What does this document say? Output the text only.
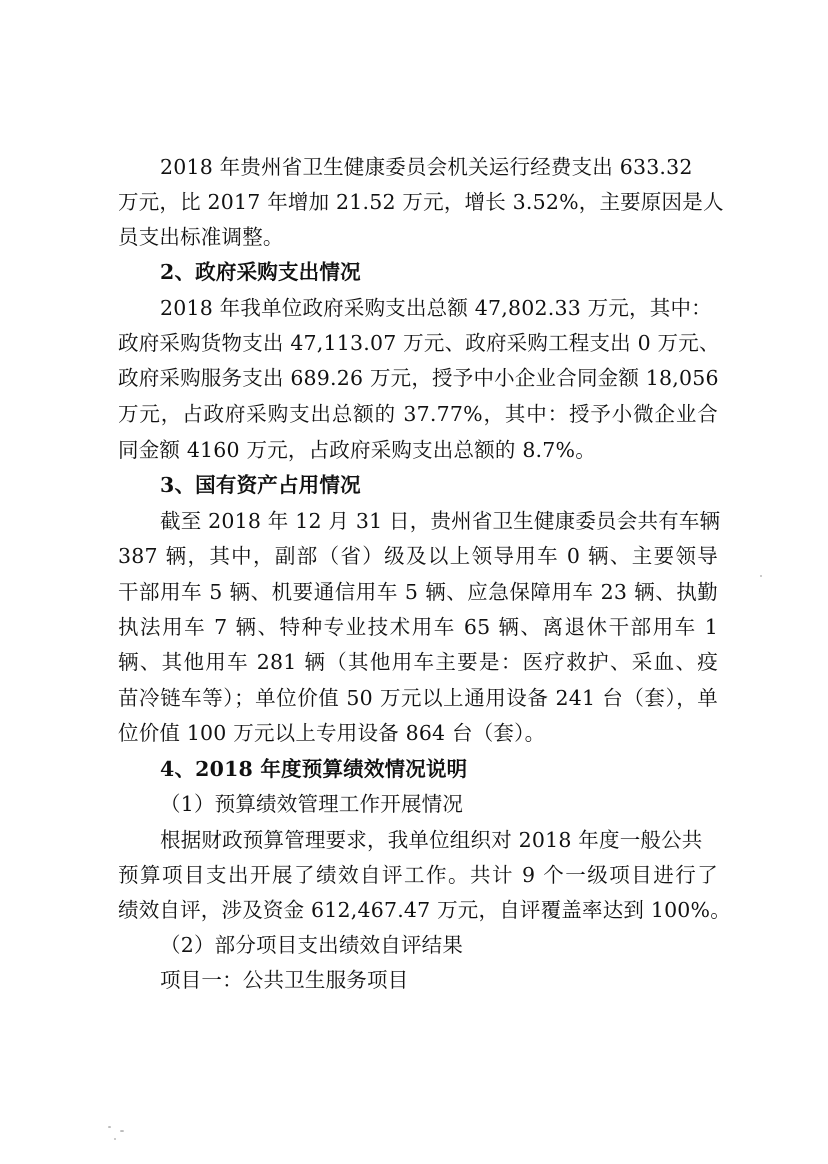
2018 年贵州省卫生健康委员会机关运行经费支出 633.32
万元，比 2017 年增加 21.52 万元，增长 3.52%，主要原因是人
员支出标准调整。
2、政府采购支出情况
2018 年我单位政府采购支出总额 47,802.33 万元，其中：
政府采购货物支出 47,113.07 万元、政府采购工程支出 0 万元、
政府采购服务支出 689.26 万元，授予中小企业合同金额 18,056
万元，占政府采购支出总额的 37.77%，其中：授予小微企业合
同金额 4160 万元，占政府采购支出总额的 8.7%。
3、国有资产占用情况
截至 2018 年 12 月 31 日，贵州省卫生健康委员会共有车辆
387 辆，其中，副部（省）级及以上领导用车 0 辆、主要领导
干部用车 5 辆、机要通信用车 5 辆、应急保障用车 23 辆、执勤
执法用车 7 辆、特种专业技术用车 65 辆、离退休干部用车 1
辆、其他用车 281 辆（其他用车主要是：医疗救护、采血、疫
苗冷链车等）；单位价值 50 万元以上通用设备 241 台（套），单
位价值 100 万元以上专用设备 864 台（套）。
4、2018 年度预算绩效情况说明
（1）预算绩效管理工作开展情况
根据财政预算管理要求，我单位组织对 2018 年度一般公共
预算项目支出开展了绩效自评工作。共计 9 个一级项目进行了
绩效自评，涉及资金 612,467.47 万元，自评覆盖率达到 100%。
（2）部分项目支出绩效自评结果
项目一：公共卫生服务项目
